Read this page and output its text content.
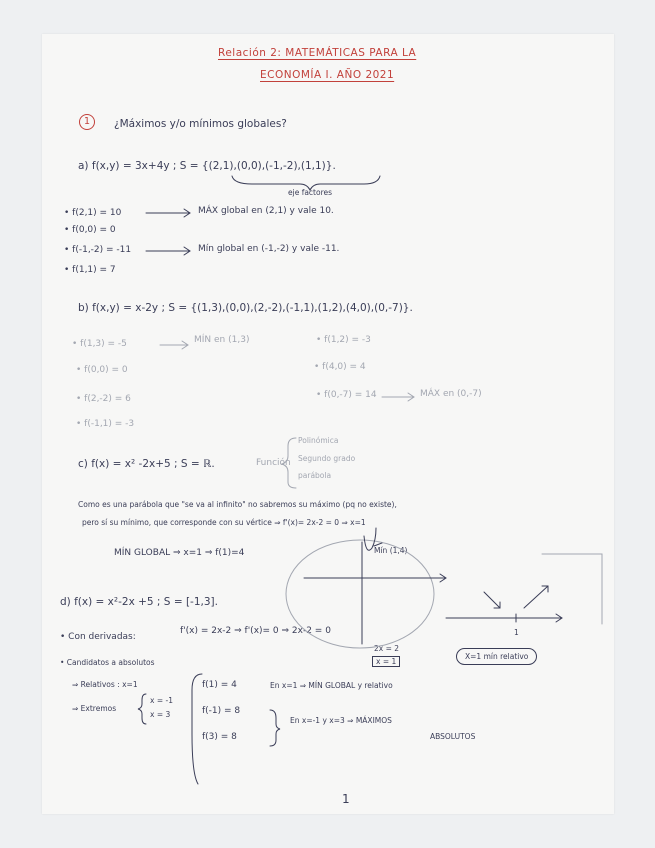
Relación 2: MATEMÁTICAS PARA LA
ECONOMÍA I. AÑO 2021
1	¿Máximos y/o mínimos globales?
a) f(x,y) = 3x+4y ; S = {(2,1),(0,0),(-1,-2),(1,1)}.
eje factores
• f(2,1) = 10	MÁX global en (2,1) y vale 10.
• f(0,0) = 0
• f(-1,-2) = -11	Mín global en (-1,-2) y vale -11.
• f(1,1) = 7
b) f(x,y) = x-2y ; S = {(1,3),(0,0),(2,-2),(-1,1),(1,2),(4,0),(0,-7)}.
• f(1,3) = -5	MÍN en (1,3)
• f(0,0) = 0
• f(2,-2) = 6
• f(-1,1) = -3
• f(1,2) = -3
• f(4,0) = 4
• f(0,-7) = 14	MÁX en (0,-7)
c) f(x) = x² -2x+5 ; S = ℝ.	Función
Polinómica
Segundo grado
parábola
Como es una parábola que "se va al infinito" no sabremos su máximo (pq no existe),
pero sí su mínimo, que corresponde con su vértice ⇒ f'(x)= 2x-2 = 0 ⇒ x=1
MÍN GLOBAL ⇒ x=1 ⇒ f(1)=4	Mín (1,4)
d) f(x) = x²-2x +5 ; S = [-1,3].
• Con derivadas:
f'(x) = 2x-2 ⇒ f'(x)= 0 ⇒ 2x-2 = 0
2x = 2
x = 1
1
X=1 mín relativo
• Candidatos a absolutos
⇒ Relativos : x=1
⇒ Extremos
x = -1
x = 3
f(1) = 4	En x=1 ⇒ MÍN GLOBAL y relativo
f(-1) = 8
f(3) = 8
En x=-1 y x=3 ⇒ MÁXIMOS
ABSOLUTOS
1
